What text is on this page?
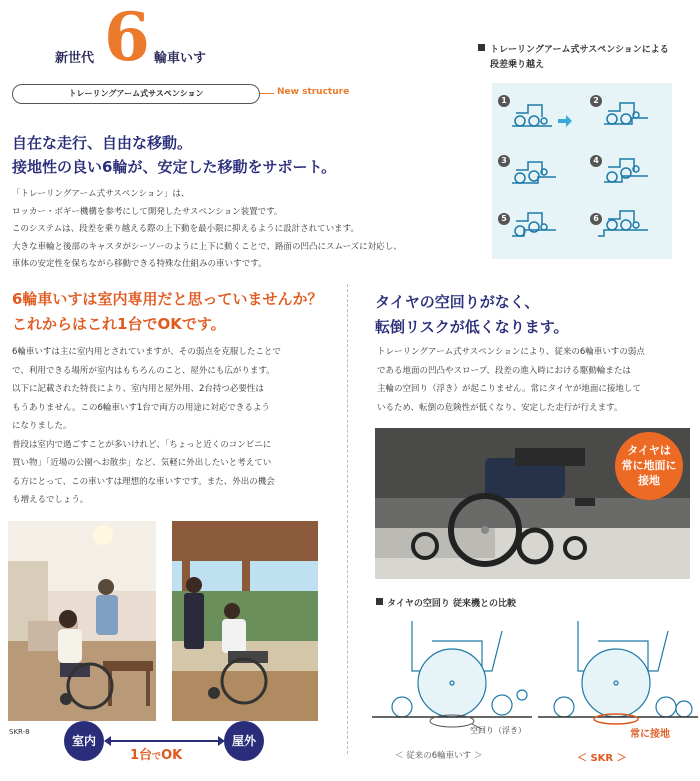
新世代 6 輪車いす
トレーリングアーム式サスペンション	New structure
自在な走行、自由な移動。
接地性の良い6輪が、安定した移動をサポート。
「トレーリングアーム式サスペンション」は、
ロッカー・ボギー機構を参考にして開発したサスペンション装置です。
このシステムは、段差を乗り越える際の上下動を最小限に抑えるように設計されています。
大きな車輪と後部のキャスタがシーソーのように上下に動くことで、路面の凹凸にスムーズに対応し、
車体の安定性を保ちながら移動できる特殊な仕組みの車いすです。
トレーリングアーム式サスペンションによる
段差乗り越え
1	2
3	4
5	6
6輪車いすは室内専用だと思っていませんか？
これからはこれ1台でOKです。
6輪車いすは主に室内用とされていますが、その弱点を克服したことで
で、利用できる場所が室内はもちろんのこと、屋外にも広がります。
以下に記載された特長により、室内用と屋外用、2台持つ必要性は
もうありません。この6輪車いす1台で両方の用途に対応できるよう
になりました。
普段は室内で過ごすことが多いけれど、「ちょっと近くのコンビニに
買い物」「近場の公園へお散歩」など、気軽に外出したいと考えてい
る方にとって、この車いすは理想的な車いすです。また、外出の機会
も増えるでしょう。
SKR-8
室内	屋外
1台でOK
タイヤの空回りがなく、
転倒リスクが低くなります。
トレーリングアーム式サスペンションにより、従来の6輪車いすの弱点
である地面の凹凸やスロープ、段差の進入時における駆動輪または
主輪の空回り（浮き）が起こりません。常にタイヤが地面に接地して
いるため、転倒の危険性が低くなり、安定した走行が行えます。
タイヤは
常に地面に
接地
タイヤの空回り 従来機との比較
空回り（浮き）	常に接地
＜ 従来の6輪車いす ＞	＜ SKR ＞
